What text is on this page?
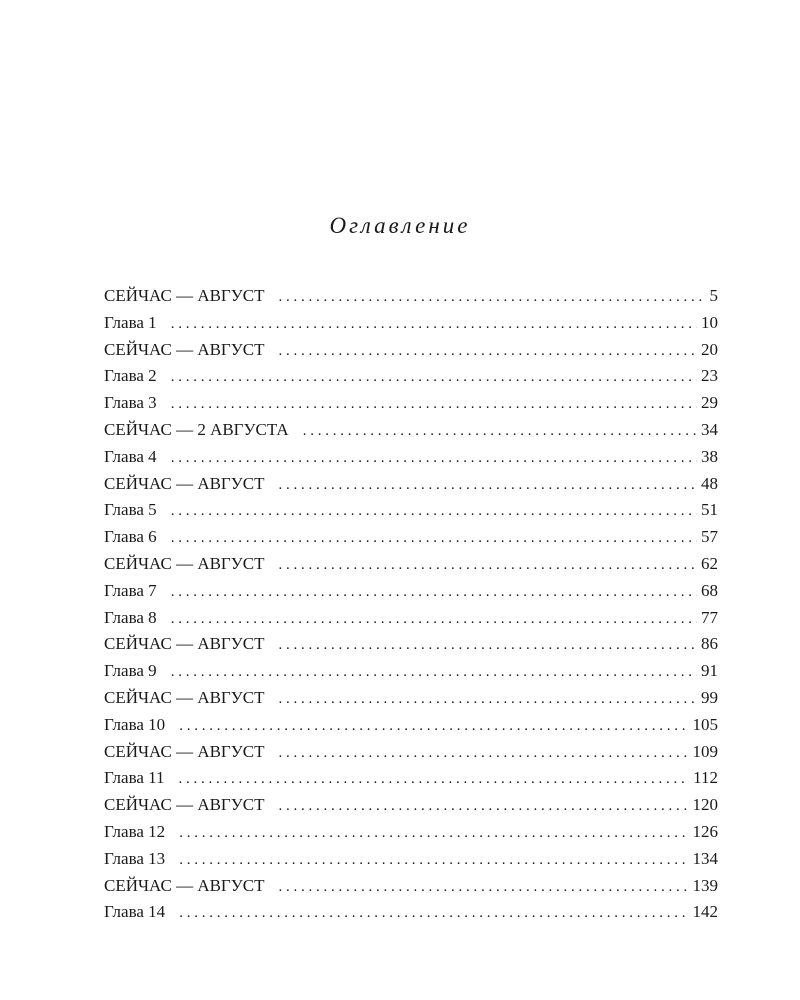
Оглавление
СЕЙЧАС — АВГУСТ . . .	5
Глава 1 . . .	10
СЕЙЧАС — АВГУСТ . . .	20
Глава 2 . . .	23
Глава 3 . . .	29
СЕЙЧАС — 2 АВГУСТА . . .	34
Глава 4 . . .	38
СЕЙЧАС — АВГУСТ . . .	48
Глава 5 . . .	51
Глава 6 . . .	57
СЕЙЧАС — АВГУСТ . . .	62
Глава 7 . . .	68
Глава 8 . . .	77
СЕЙЧАС — АВГУСТ . . .	86
Глава 9 . . .	91
СЕЙЧАС — АВГУСТ . . .	99
Глава 10 . . .	105
СЕЙЧАС — АВГУСТ . . .	109
Глава 11 . . .	112
СЕЙЧАС — АВГУСТ . . .	120
Глава 12 . . .	126
Глава 13 . . .	134
СЕЙЧАС — АВГУСТ . . .	139
Глава 14 . . .	142
